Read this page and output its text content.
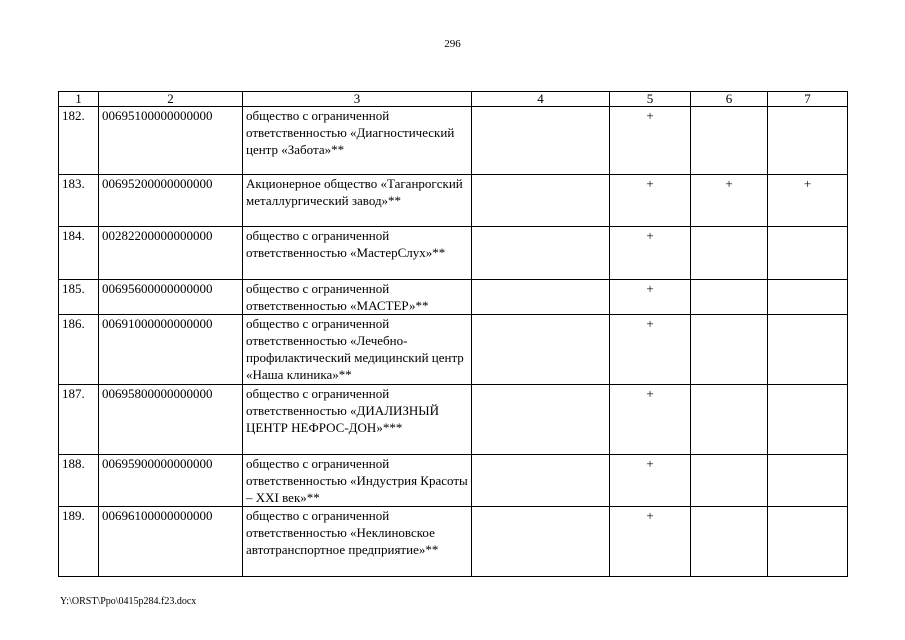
296
1	2	3	4	5	6	7
182.	00695100000000000	общество с ограниченной ответственностью «Диагностический центр «Забота»**		+		
183.	00695200000000000	Акционерное общество «Таганрогский металлургический завод»**		+	+	+
184.	00282200000000000	общество с ограниченной ответственностью «МастерСлух»**		+		
185.	00695600000000000	общество с ограниченной ответственностью «МАСТЕР»**		+		
186.	00691000000000000	общество с ограниченной ответственностью «Лечебно-профилактический медицинский центр «Наша клиника»**		+		
187.	00695800000000000	общество с ограниченной ответственностью «ДИАЛИЗНЫЙ ЦЕНТР НЕФРОС-ДОН»***		+		
188.	00695900000000000	общество с ограниченной ответственностью «Индустрия Красоты – XXI век»**		+		
189.	00696100000000000	общество с ограниченной ответственностью «Неклиновское автотранспортное предприятие»**		+		
Y:\ORST\Ppo\0415p284.f23.docx
